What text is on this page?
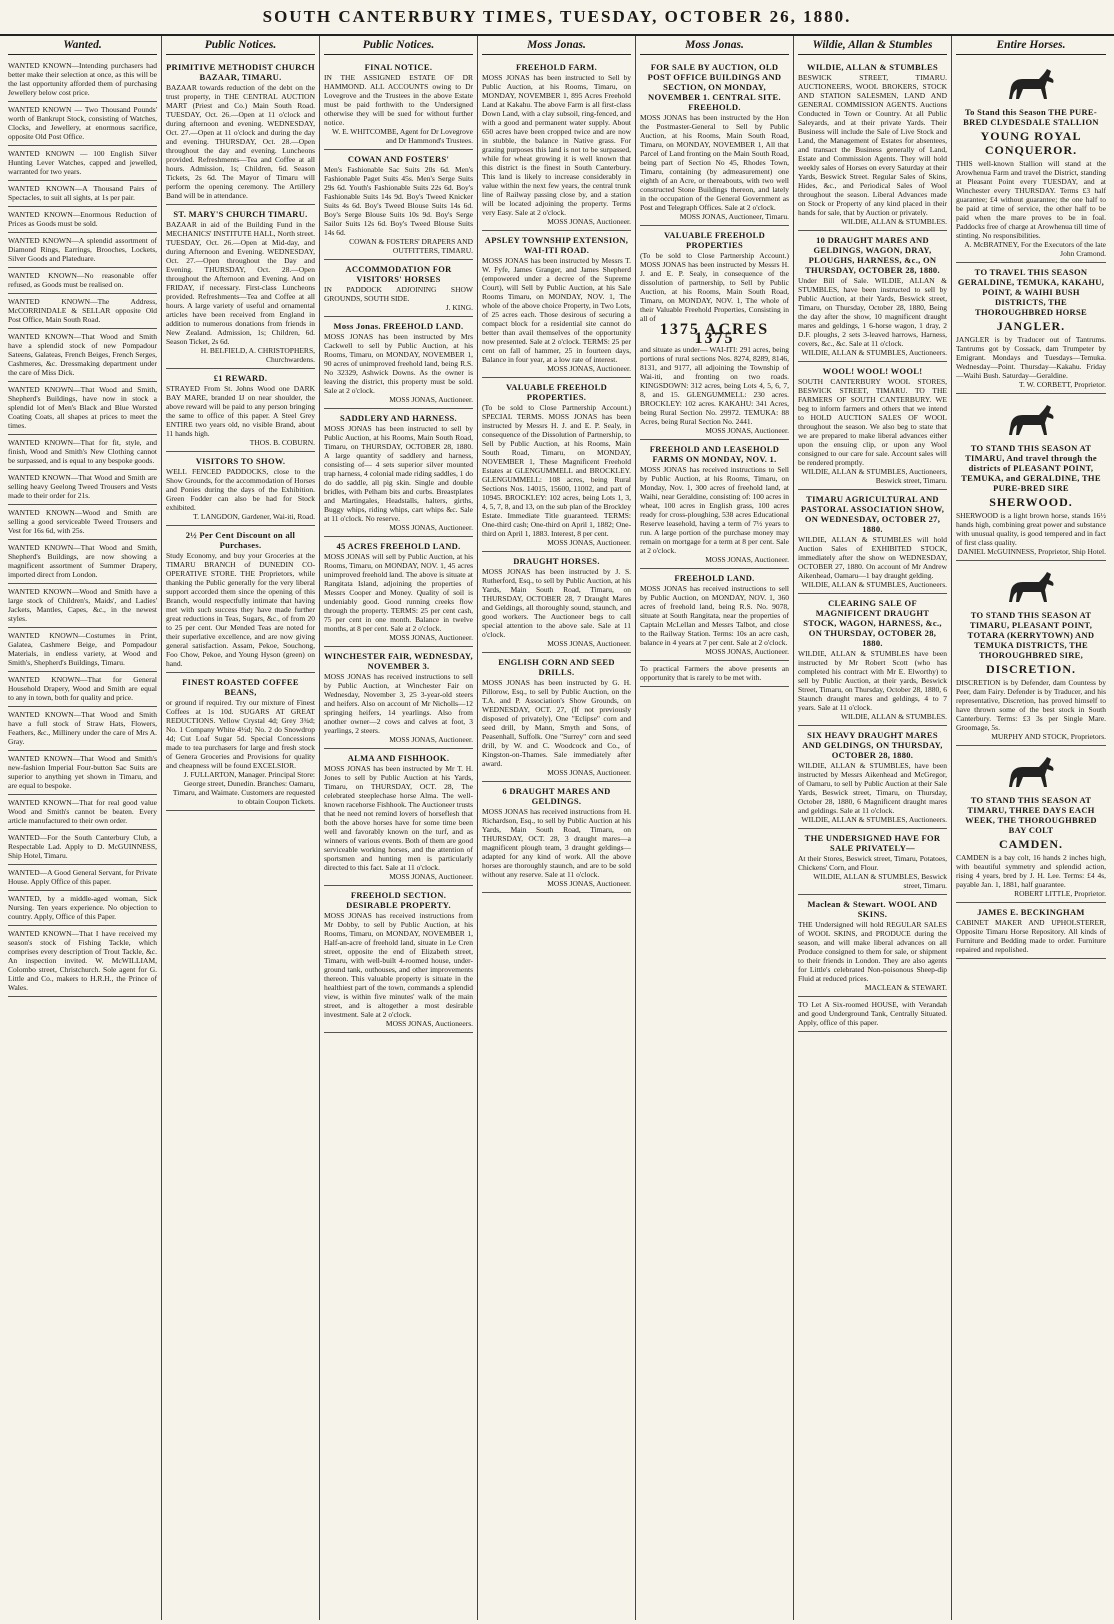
SOUTH CANTERBURY TIMES, TUESDAY, OCTOBER 26, 1880.
Wanted.
WANTED KNOWN—Intending purchasers had better make their selection at once, as this will be the last opportunity afforded them of purchasing Jewellery below cost price.
WANTED KNOWN — Two Thousand Pounds' worth of Bankrupt Stock, consisting of Watches, Clocks, and Jewellery, at enormous sacrifice, opposite Old Post Office.
WANTED KNOWN — 100 English Silver Hunting Lever Watches, capped and jewelled, warranted for two years.
WANTED KNOWN—A Thousand Pairs of Spectacles, to suit all sights, at 1s per pair.
WANTED KNOWN—Enormous Reduction of Prices as Goods must be sold.
WANTED KNOWN—A splendid assortment of Diamond Rings, Earrings, Brooches, Lockets, Silver Goods and Plateduare.
WANTED KNOWN—No reasonable offer refused, as Goods must be realised on.
WANTED KNOWN—The Address, McCORRINDALE & SELLAR opposite Old Post Office, Main South Road.
WANTED KNOWN—That Wood and Smith have a splendid stock of new Pompadour Sateens, Galateas, French Beiges, French Serges, Cashmeres, &c. Dressmaking department under the care of Miss Dick.
WANTED KNOWN—That Wood and Smith, Shepherd's Buildings, have now in stock a splendid lot of Men's Black and Blue Worsted Coating Coats, all shapes at prices to meet the times.
WANTED KNOWN—That for fit, style, and finish, Wood and Smith's New Clothing cannot be surpassed, and is equal to any bespoke goods.
WANTED KNOWN—That Wood and Smith are selling heavy Geelong Tweed Trousers and Vests made to their order for 21s.
WANTED KNOWN—Wood and Smith are selling a good serviceable Tweed Trousers and Vest for 16s 6d, with 25s.
WANTED KNOWN—That Wood and Smith, Shepherd's Buildings, are now showing a magnificent assortment of Summer Drapery, imported direct from London.
WANTED KNOWN—Wood and Smith have a large stock of Children's, Maids', and Ladies' Jackets, Mantles, Capes, &c., in the newest styles.
WANTED KNOWN—Costumes in Print, Galatea, Cashmere Beige, and Pompadour Materials, in endless variety, at Wood and Smith's, Shepherd's Buildings, Timaru.
WANTED KNOWN—That for General Household Drapery, Wood and Smith are equal to any in town, both for quality and price.
WANTED KNOWN—That Wood and Smith have a full stock of Straw Hats, Flowers, Feathers, &c., Millinery under the care of Mrs A. Gray.
WANTED KNOWN—That Wood and Smith's new-fashion Imperial Four-button Sac Suits are superior to anything yet shown in Timaru, and are equal to bespoke.
WANTED KNOWN—That for real good value Wood and Smith's cannot be beaten. Every article manufactured to their own order.
WANTED—For the South Canterbury Club, a Respectable Lad. Apply to D. McGUINNESS, Ship Hotel, Timaru.
WANTED—A Good General Servant, for Private House. Apply Office of this paper.
WANTED, by a middle-aged woman, Sick Nursing. Ten years experience. No objection to country. Apply, Office of this Paper.
WANTED KNOWN—That I have received my season's stock of Fishing Tackle, which comprises every description of Trout Tackle, &c. An inspection invited. W. McWILLIAM, Colombo street, Christchurch. Sole agent for G. Little and Co., makers to H.R.H., the Prince of Wales.
Public Notices.
PRIMITIVE METHODIST CHURCH BAZAAR, TIMARU.
BAZAAR towards reduction of the debt on the trust property, in THE CENTRAL AUCTION MART (Priest and Co.) Main South Road. TUESDAY, Oct. 26.—Open at 11 o'clock and during afternoon and evening. WEDNESDAY, Oct. 27.—Open at 11 o'clock and during the day and evening. THURSDAY, Oct. 28.—Open throughout the day and evening. Luncheons provided. Refreshments—Tea and Coffee at all hours. Admission, 1s; Children, 6d. Season Tickets, 2s 6d. The Mayor of Timaru will perform the opening ceremony. The Artillery Band will be in attendance.
ST. MARY'S CHURCH TIMARU.
BAZAAR in aid of the Building Fund in the MECHANICS' INSTITUTE HALL, North street. TUESDAY, Oct. 26.—Open at Mid-day, and during Afternoon and Evening. WEDNESDAY, Oct. 27.—Open throughout the Day and Evening. THURSDAY, Oct. 28.—Open throughout the Afternoon and Evening. And on FRIDAY, if necessary. First-class Luncheons provided. Refreshments—Tea and Coffee at all hours. A large variety of useful and ornamental articles have been received from England in addition to numerous donations from friends in New Zealand. Admission, 1s; Children, 6d. Season Ticket, 2s 6d.
H. BELFIELD, A. CHRISTOPHERS, Churchwardens.
£1 REWARD.
STRAYED From St. Johns Wood one DARK BAY MARE, branded IJ on near shoulder, the above reward will be paid to any person bringing the same to office of this paper. A Steel Grey ENTIRE two years old, no visible Brand, about 11 hands high.
THOS. B. COBURN.
VISITORS TO SHOW.
WELL FENCED PADDOCKS, close to the Show Grounds, for the accommodation of Horses and Ponies during the days of the Exhibition. Green Fodder can also be had for Stock exhibited.
T. LANGDON, Gardener, Wai-iti, Road.
2½ Per Cent Discount on all Purchases.
Study Economy, and buy your Groceries at the TIMARU BRANCH of DUNEDIN CO-OPERATIVE STORE. THE Proprietors, while thanking the Public generally for the very liberal support accorded them since the opening of this Branch, would respectfully intimate that having met with such success they have made further great reductions in Teas, Sugars, &c., of from 20 to 25 per cent. Our Mended Teas are noted for their superlative excellence, and are now giving general satisfaction. Assam, Pekoe, Souchong, Foo Chow, Pekoe, and Young Hyson (green) on hand.
FINEST ROASTED COFFEE BEANS,
or ground if required. Try our mixture of Finest Coffees at 1s 10d. SUGARS AT GREAT REDUCTIONS. Yellow Crystal 4d; Grey 3¾d; No. 1 Company White 4½d; No. 2 do Snowdrop 4d; Cut Loaf Sugar 5d. Special Concessions made to tea purchasers for large and fresh stock of Genera Groceries and Provisions for quality and cheapness will be found EXCELSIOR.
J. FULLARTON, Manager. Principal Store: George street, Dunedin. Branches: Oamaru, Timaru, and Waimate. Customers are requested to obtain Coupon Tickets.
Public Notices.
FINAL NOTICE.
IN THE ASSIGNED ESTATE OF DR HAMMOND. ALL ACCOUNTS owing to Dr Lovegrove and the Trustees in the above Estate must be paid forthwith to the Undersigned otherwise they will be sued for without further notice.
W. E. WHITCOMBE, Agent for Dr Lovegrove and Dr Hammond's Trustees.
COWAN AND FOSTERS'
Men's Fashionable Sac Suits 20s 6d. Men's Fashionable Paget Suits 45s. Men's Serge Suits 29s 6d. Youth's Fashionable Suits 22s 6d. Boy's Fashionable Suits 14s 9d. Boy's Tweed Knicker Suits 4s 6d. Boy's Tweed Blouse Suits 14s 6d. Boy's Serge Blouse Suits 10s 9d. Boy's Serge Sailor Suits 12s 6d. Boy's Tweed Blouse Suits 14s 6d.
COWAN & FOSTERS' DRAPERS AND OUTFITTERS, TIMARU.
ACCOMMODATION FOR VISITORS' HORSES
IN PADDOCK ADJOINING SHOW GROUNDS, SOUTH SIDE.
J. KING.
Moss Jonas. FREEHOLD LAND.
MOSS JONAS has been instructed by Mrs Cackwell to sell by Public Auction, at his Rooms, Timaru, on MONDAY, NOVEMBER 1, 90 acres of unimproved freehold land, being R.S. No 32329, Ashwick Downs. As the owner is leaving the district, this property must be sold. Sale at 2 o'clock.
MOSS JONAS, Auctioneer.
SADDLERY AND HARNESS.
MOSS JONAS has been instructed to sell by Public Auction, at his Rooms, Main South Road, Timaru, on THURSDAY, OCTOBER 28, 1880. A large quantity of saddlery and harness, consisting of— 4 sets superior silver mounted trap harness, 4 colonial made riding saddles, 1 do do do saddle, all pig skin. Single and double bridles, with Pelham bits and curbs. Breastplates and Martingales, Headstalls, halters, girths, Buggy whips, riding whips, cart whips &c. Sale at 11 o'clock. No reserve.
MOSS JONAS, Auctioneer.
45 ACRES FREEHOLD LAND.
MOSS JONAS will sell by Public Auction, at his Rooms, Timaru, on MONDAY, NOV. 1, 45 acres unimproved freehold land. The above is situate at Rangitata Island, adjoining the properties of Messrs Cooper and Money. Quality of soil is undeniably good. Good running creeks flow through the property. TERMS: 25 per cent cash, 75 per cent in one month. Balance in twelve months, at 8 per cent. Sale at 2 o'clock.
MOSS JONAS, Auctioneer.
WINCHESTER FAIR, WEDNESDAY, NOVEMBER 3.
MOSS JONAS has received instructions to sell by Public Auction, at Winchester Fair on Wednesday, November 3, 25 3-year-old steers and heifers. Also on account of Mr Nicholls—12 springing heifers, 14 yearlings. Also from another owner—2 cows and calves at foot, 3 yearlings, 2 steers.
MOSS JONAS, Auctioneer.
ALMA AND FISHHOOK.
MOSS JONAS has been instructed by Mr T. H. Jones to sell by Public Auction at his Yards, Timaru, on THURSDAY, OCT. 28, The celebrated steeplechase horse Alma. The well-known racehorse Fishhook. The Auctioneer trusts that he need not remind lovers of horseflesh that both the above horses have for some time been well and favorably known on the turf, and as winners of various events. Both of them are good serviceable working horses, and the attention of sportsmen and hunting men is particularly directed to this fact. Sale at 11 o'clock.
MOSS JONAS, Auctioneer.
FREEHOLD SECTION. DESIRABLE PROPERTY.
MOSS JONAS has received instructions from Mr Dobby, to sell by Public Auction, at his Rooms, Timaru, on MONDAY, NOVEMBER 1, Half-an-acre of freehold land, situate in Le Cren street, opposite the end of Elizabeth street, Timaru, with well-built 4-roomed house, under-ground tank, outhouses, and other improvements thereon. This valuable property is situate in the healthiest part of the town, commands a splendid view, is within five minutes' walk of the main street, and is altogether a most desirable investment. Sale at 2 o'clock.
MOSS JONAS, Auctioneers.
Moss Jonas.
FREEHOLD FARM.
MOSS JONAS has been instructed to Sell by Public Auction, at his Rooms, Timaru, on MONDAY, NOVEMBER 1, 895 Acres Freehold Land at Kakahu. The above Farm is all first-class Down Land, with a clay subsoil, ring-fenced, and with a good and permanent water supply. About 650 acres have been cropped twice and are now in stubble, the balance in Native grass. For grazing purposes this land is not to be surpassed, while for wheat growing it is well known that this district is the finest in South Canterbury. This land is likely to increase considerably in value within the next few years, the central trunk line of Railway passing close by, and a station will be located adjoining the property. Terms very Easy. Sale at 2 o'clock.
MOSS JONAS, Auctioneer.
APSLEY TOWNSHIP EXTENSION, WAI-ITI ROAD.
MOSS JONAS has been instructed by Messrs T. W. Fyfe, James Granger, and James Shepherd (empowered under a decree of the Supreme Court), will Sell by Public Auction, at his Sale Rooms Timaru, on MONDAY, NOV. 1, The whole of the above choice Property, in Two Lots, of 25 acres each. Those desirous of securing a compact block for a residential site cannot do better than avail themselves of the opportunity now presented. Sale at 2 o'clock. TERMS: 25 per cent on fall of hammer, 25 in fourteen days, Balance in four year, at a low rate of interest.
MOSS JONAS, Auctioneer.
VALUABLE FREEHOLD PROPERTIES.
(To be sold to Close Partnership Account.) SPECIAL TERMS. MOSS JONAS has been instructed by Messrs H. J. and E. P. Sealy, in consequence of the Dissolution of Partnership, to Sell by Public Auction, at his Rooms, Main South Road, Timaru, on MONDAY, NOVEMBER 1, These Magnificent Freehold Estates at GLENGUMMELL and BROCKLEY. GLENGUMMELL: 108 acres, being Rural Sections Nos. 14015, 15600, 11002, and part of 10945. BROCKLEY: 102 acres, being Lots 1, 3, 4, 5, 7, 8, and 13, on the sub plan of the Brockley Estate. Immediate Title guaranteed. TERMS: One-third cash; One-third on April 1, 1882; One-third on April 1, 1883. Interest, 8 per cent.
MOSS JONAS, Auctioneer.
DRAUGHT HORSES.
MOSS JONAS has been instructed by J. S. Rutherford, Esq., to sell by Public Auction, at his Yards, Main South Road, Timaru, on THURSDAY, OCTOBER 28, 7 Draught Mares and Geldings, all thoroughly sound, staunch, and good workers. The Auctioneer begs to call special attention to the above sale. Sale at 11 o'clock.
MOSS JONAS, Auctioneer.
ENGLISH CORN AND SEED DRILLS.
MOSS JONAS has been instructed by G. H. Pillorow, Esq., to sell by Public Auction, on the T.A. and P. Association's Show Grounds, on WEDNESDAY, OCT. 27, (If not previously disposed of privately), One "Eclipse" corn and seed drill, by Mann, Smyth and Sons, of Peasenhall, Suffolk. One "Surrey" corn and seed drill, by W. and C. Woodcock and Co., of Kingston-on-Thames. Sale immediately after award.
MOSS JONAS, Auctioneer.
6 DRAUGHT MARES AND GELDINGS.
MOSS JONAS has received instructions from H. Richardson, Esq., to sell by Public Auction at his Yards, Main South Road, Timaru, on THURSDAY, OCT. 28, 3 draught mares—a magnificent plough team, 3 draught geldings—adapted for any kind of work. All the above horses are thoroughly staunch, and are to be sold without any reserve. Sale at 11 o'clock.
MOSS JONAS, Auctioneer.
Moss Jonas.
FOR SALE BY AUCTION, OLD POST OFFICE BUILDINGS AND SECTION, ON MONDAY, NOVEMBER 1. CENTRAL SITE. FREEHOLD.
MOSS JONAS has been instructed by the Hon the Postmaster-General to Sell by Public Auction, at his Rooms, Main South Road, Timaru, on MONDAY, NOVEMBER 1, All that Parcel of Land fronting on the Main South Road, being part of Section No 45, Rhodes Town, Timaru, containing (by admeasurement) one eighth of an Acre, or thereabouts, with two well constructed Stone Buildings thereon, and lately in the occupation of the General Government as Post and Telegraph Offices. Sale at 2 o'clock.
MOSS JONAS, Auctioneer, Timaru.
VALUABLE FREEHOLD PROPERTIES
(To be sold to Close Partnership Account.) MOSS JONAS has been instructed by Messrs H. J. and E. P. Sealy, in consequence of the dissolution of partnership, to Sell by Public Auction, at his Rooms, Main South Road, Timaru, on MONDAY, NOV. 1, The whole of their Valuable Freehold Properties, Consisting in all of
1375 ACRES 1375
and situate as under— WAI-ITI: 291 acres, being portions of rural sections Nos. 8274, 8289, 8146, 8131, and 9177, all adjoining the Township of Wai-iti, and fronting on two roads. KINGSDOWN: 312 acres, being Lots 4, 5, 6, 7, 8, and 15. GLENGUMMELL: 230 acres. BROCKLEY: 102 acres. KAKAHU: 341 Acres, being Rural Section No. 29972. TEMUKA: 88 Acres, being Rural Section No. 2441.
MOSS JONAS, Auctioneer.
FREEHOLD AND LEASEHOLD FARMS ON MONDAY, NOV. 1.
MOSS JONAS has received instructions to Sell by Public Auction, at his Rooms, Timaru, on Monday, Nov. 1, 300 acres of freehold land, at Waihi, near Geraldine, consisting of: 100 acres in wheat, 100 acres in English grass, 100 acres ready for cross-ploughing, 538 acres Educational Reserve leasehold, having a term of 7½ years to run. A large portion of the purchase money may remain on mortgage for a term at 8 per cent. Sale at 2 o'clock.
MOSS JONAS, Auctioneer.
FREEHOLD LAND.
MOSS JONAS has received instructions to sell by Public Auction, on MONDAY, NOV. 1, 360 acres of freehold land, being R.S. No. 9078, situate at South Rangitata, near the properties of Captain McLellan and Messrs Talbot, and close to the Railway Station. Terms: 10s an acre cash, balance in 4 years at 7 per cent. Sale at 2 o'clock.
MOSS JONAS, Auctioneer.
To practical Farmers the above presents an opportunity that is rarely to be met with.
Wildie, Allan & Stumbles
WILDIE, ALLAN & STUMBLES
BESWICK STREET, TIMARU. AUCTIONEERS, WOOL BROKERS, STOCK AND STATION SALESMEN, LAND AND GENERAL COMMISSION AGENTS. Auctions Conducted in Town or Country. At all Public Saleyards, and at their private Yards. Their Business will include the Sale of Live Stock and Land, the Management of Estates for absentees, and transact the Business generally of Land, Estate and Commission Agents. They will hold weekly sales of Horses on every Saturday at their Yards, Beswick Street. Regular Sales of Skins, Hides, &c., and Periodical Sales of Wool throughout the season. Liberal Advances made on Stock or Property of any kind placed in their hands for sale, that by Auction or privately.
WILDIE, ALLAN & STUMBLES.
10 DRAUGHT MARES AND GELDINGS, WAGON, DRAY, PLOUGHS, HARNESS, &c., ON THURSDAY, OCTOBER 28, 1880.
Under Bill of Sale. WILDIE, ALLAN & STUMBLES, have been instructed to sell by Public Auction, at their Yards, Beswick street, Timaru, on Thursday, October 28, 1880, Being the day after the show, 10 magnificent draught mares and geldings, 1 6-horse wagon, 1 dray, 2 D.F. ploughs, 2 sets 3-leaved harrows, Harness, covers, &c., &c. Sale at 11 o'clock.
WILDIE, ALLAN & STUMBLES, Auctioneers.
WOOL! WOOL! WOOL!
SOUTH CANTERBURY WOOL STORES, BESWICK STREET, TIMARU. TO THE FARMERS OF SOUTH CANTERBURY. WE beg to inform farmers and others that we intend to HOLD AUCTION SALES OF WOOL throughout the season. We also beg to state that we are prepared to make liberal advances either upon the ensuing clip, or upon any Wool consigned to our care for sale. Account sales will be rendered promptly.
WILDIE, ALLAN & STUMBLES, Auctioneers, Beswick street, Timaru.
TIMARU AGRICULTURAL AND PASTORAL ASSOCIATION SHOW, ON WEDNESDAY, OCTOBER 27, 1880.
WILDIE, ALLAN & STUMBLES will hold Auction Sales of EXHIBITED STOCK, immediately after the show on WEDNESDAY, OCTOBER 27, 1880. On account of Mr Andrew Aikenhead, Oamaru—1 bay draught gelding.
WILDIE, ALLAN & STUMBLES, Auctioneers.
CLEARING SALE OF MAGNIFICENT DRAUGHT STOCK, WAGON, HARNESS, &c., ON THURSDAY, OCTOBER 28, 1880.
WILDIE, ALLAN & STUMBLES have been instructed by Mr Robert Scott (who has completed his contract with Mr E. Elworthy) to sell by Public Auction, at their yards, Beswick Street, Timaru, on Thursday, October 28, 1880, 6 Staunch draught mares and geldings, 4 to 7 years. Sale at 11 o'clock.
WILDIE, ALLAN & STUMBLES.
SIX HEAVY DRAUGHT MARES AND GELDINGS, ON THURSDAY, OCTOBER 28, 1880.
WILDIE, ALLAN & STUMBLES, have been instructed by Messrs Aikenhead and McGregor, of Oamaru, to sell by Public Auction at their Sale Yards, Beswick street, Timaru, on Thursday, October 28, 1880, 6 Magnificent draught mares and geldings. Sale at 11 o'clock.
WILDIE, ALLAN & STUMBLES, Auctioneers.
THE UNDERSIGNED HAVE FOR SALE PRIVATELY—
At their Stores, Beswick street, Timaru, Potatoes, Chickens' Corn, and Flour.
WILDIE, ALLAN & STUMBLES, Beswick street, Timaru.
Maclean & Stewart. WOOL AND SKINS.
THE Undersigned will hold REGULAR SALES of WOOL SKINS, and PRODUCE during the season, and will make liberal advances on all Produce consigned to them for sale, or shipment to their friends in London. They are also agents for Little's celebrated Non-poisonous Sheep-dip Fluid at reduced prices.
MACLEAN & STEWART.
TO Let A Six-roomed HOUSE, with Verandah and good Underground Tank, Centrally Situated. Apply, office of this paper.
Entire Horses.
To Stand this Season THE PURE-BRED CLYDESDALE STALLION
YOUNG ROYAL CONQUEROR.
THIS well-known Stallion will stand at the Arowhenua Farm and travel the District, standing at Pleasant Point every TUESDAY, and at Winchester every THURSDAY. Terms £3 half guarantee; £4 without guarantee; the one half to be paid at time of service, the other half to be paid when the mare proves to be in foal. Paddocks free of charge at Arowhenua till time of stinting. No responsibilities.
A. McBRATNEY, For the Executors of the late John Cramond.
TO TRAVEL THIS SEASON GERALDINE, TEMUKA, KAKAHU, POINT, & WAIHI BUSH DISTRICTS, THE THOROUGHBRED HORSE
JANGLER.
JANGLER is by Traducer out of Tantrums. Tantrums got by Cossack, dam Trumpeter by Emigrant. Mondays and Tuesdays—Temuka. Wednesday—Point. Thursday—Kakahu. Friday—Waihi Bush. Saturday—Geraldine.
T. W. CORBETT, Proprietor.
TO STAND THIS SEASON AT TIMARU, And travel through the districts of PLEASANT POINT, TEMUKA, and GERALDINE, THE PURE-BRED SIRE
SHERWOOD.
SHERWOOD is a light brown horse, stands 16½ hands high, combining great power and substance with unusual quality, is good tempered and in fact of first class quality.
DANIEL McGUINNESS, Proprietor, Ship Hotel.
TO STAND THIS SEASON AT TIMARU, PLEASANT POINT, TOTARA (KERRYTOWN) AND TEMUKA DISTRICTS, THE THOROUGHBRED SIRE,
DISCRETION.
DISCRETION is by Defender, dam Countess by Peer, dam Fairy. Defender is by Traducer, and his representative, Discretion, has proved himself to have thrown some of the best stock in South Canterbury. Terms: £3 3s per Single Mare. Groomage, 5s.
MURPHY AND STOCK, Proprietors.
TO STAND THIS SEASON AT TIMARU, THREE DAYS EACH WEEK, THE THOROUGHBRED BAY COLT
CAMDEN.
CAMDEN is a bay colt, 16 hands 2 inches high, with beautiful symmetry and splendid action, rising 4 years, bred by J. H. Lee. Terms: £4 4s, payable Jan. 1, 1881, half guarantee.
ROBERT LITTLE, Proprietor.
JAMES E. BECKINGHAM
CABINET MAKER AND UPHOLSTERER, Opposite Timaru Horse Repository. All kinds of Furniture and Bedding made to order. Furniture repaired and repolished.
